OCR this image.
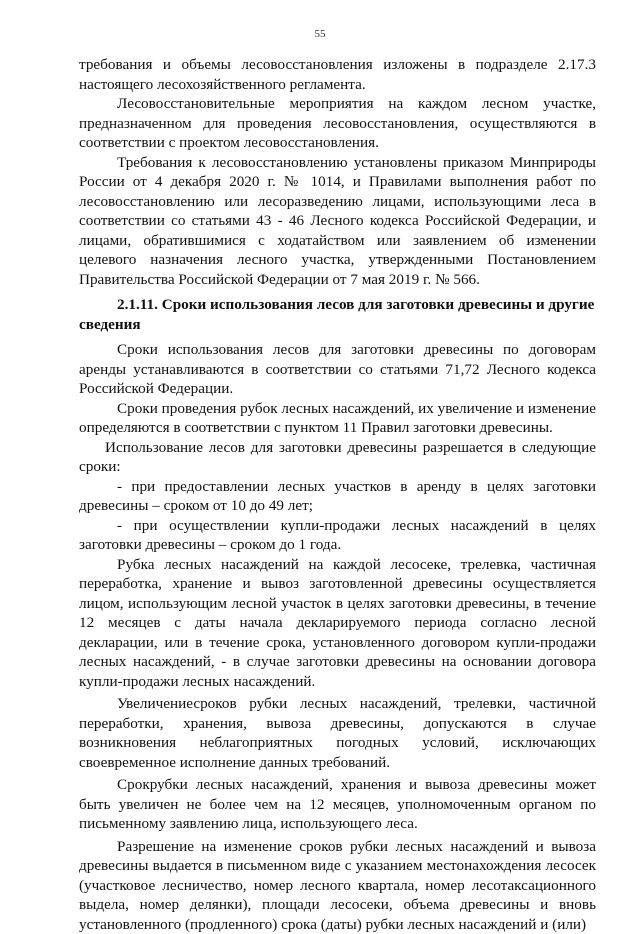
55

требования и объемы лесовосстановления изложены в подразделе 2.17.3 настоящего лесохозяйственного регламента.

Лесовосстановительные мероприятия на каждом лесном участке, предназначенном для проведения лесовосстановления, осуществляются в соответствии с проектом лесовосстановления.

Требования к лесовосстановлению установлены приказом Минприроды России от 4 декабря 2020 г. № 1014, и Правилами выполнения работ по лесовосстановлению или лесоразведению лицами, использующими леса в соответствии со статьями 43 - 46 Лесного кодекса Российской Федерации, и лицами, обратившимися с ходатайством или заявлением об изменении целевого назначения лесного участка, утвержденными Постановлением Правительства Российской Федерации от 7 мая 2019 г. № 566.

2.1.11. Сроки использования лесов для заготовки древесины и другие сведения

Сроки использования лесов для заготовки древесины по договорам аренды устанавливаются в соответствии со статьями 71,72 Лесного кодекса Российской Федерации.

Сроки проведения рубок лесных насаждений, их увеличение и изменение определяются в соответствии с пунктом 11 Правил заготовки древесины.

Использование лесов для заготовки древесины разрешается в следующие сроки:

- при предоставлении лесных участков в аренду в целях заготовки древесины – сроком от 10 до 49 лет;

- при осуществлении купли-продажи лесных насаждений в целях заготовки древесины – сроком до 1 года.

Рубка лесных насаждений на каждой лесосеке, трелевка, частичная переработка, хранение и вывоз заготовленной древесины осуществляется лицом, использующим лесной участок в целях заготовки древесины, в течение 12 месяцев с даты начала декларируемого периода согласно лесной декларации, или в течение срока, установленного договором купли-продажи лесных насаждений, - в случае заготовки древесины на основании договора купли-продажи лесных насаждений.

Увеличениесроков рубки лесных насаждений, трелевки, частичной переработки, хранения, вывоза древесины, допускаются в случае возникновения неблагоприятных погодных условий, исключающих своевременное исполнение данных требований.

Срокрубки лесных насаждений, хранения и вывоза древесины может быть увеличен не более чем на 12 месяцев, уполномоченным органом по письменному заявлению лица, использующего леса.

Разрешение на изменение сроков рубки лесных насаждений и вывоза древесины выдается в письменном виде с указанием местонахождения лесосек (участковое лесничество, номер лесного квартала, номер лесотаксационного выдела, номер делянки), площади лесосеки, объема древесины и вновь установленного (продленного) срока (даты) рубки лесных насаждений и (или)
